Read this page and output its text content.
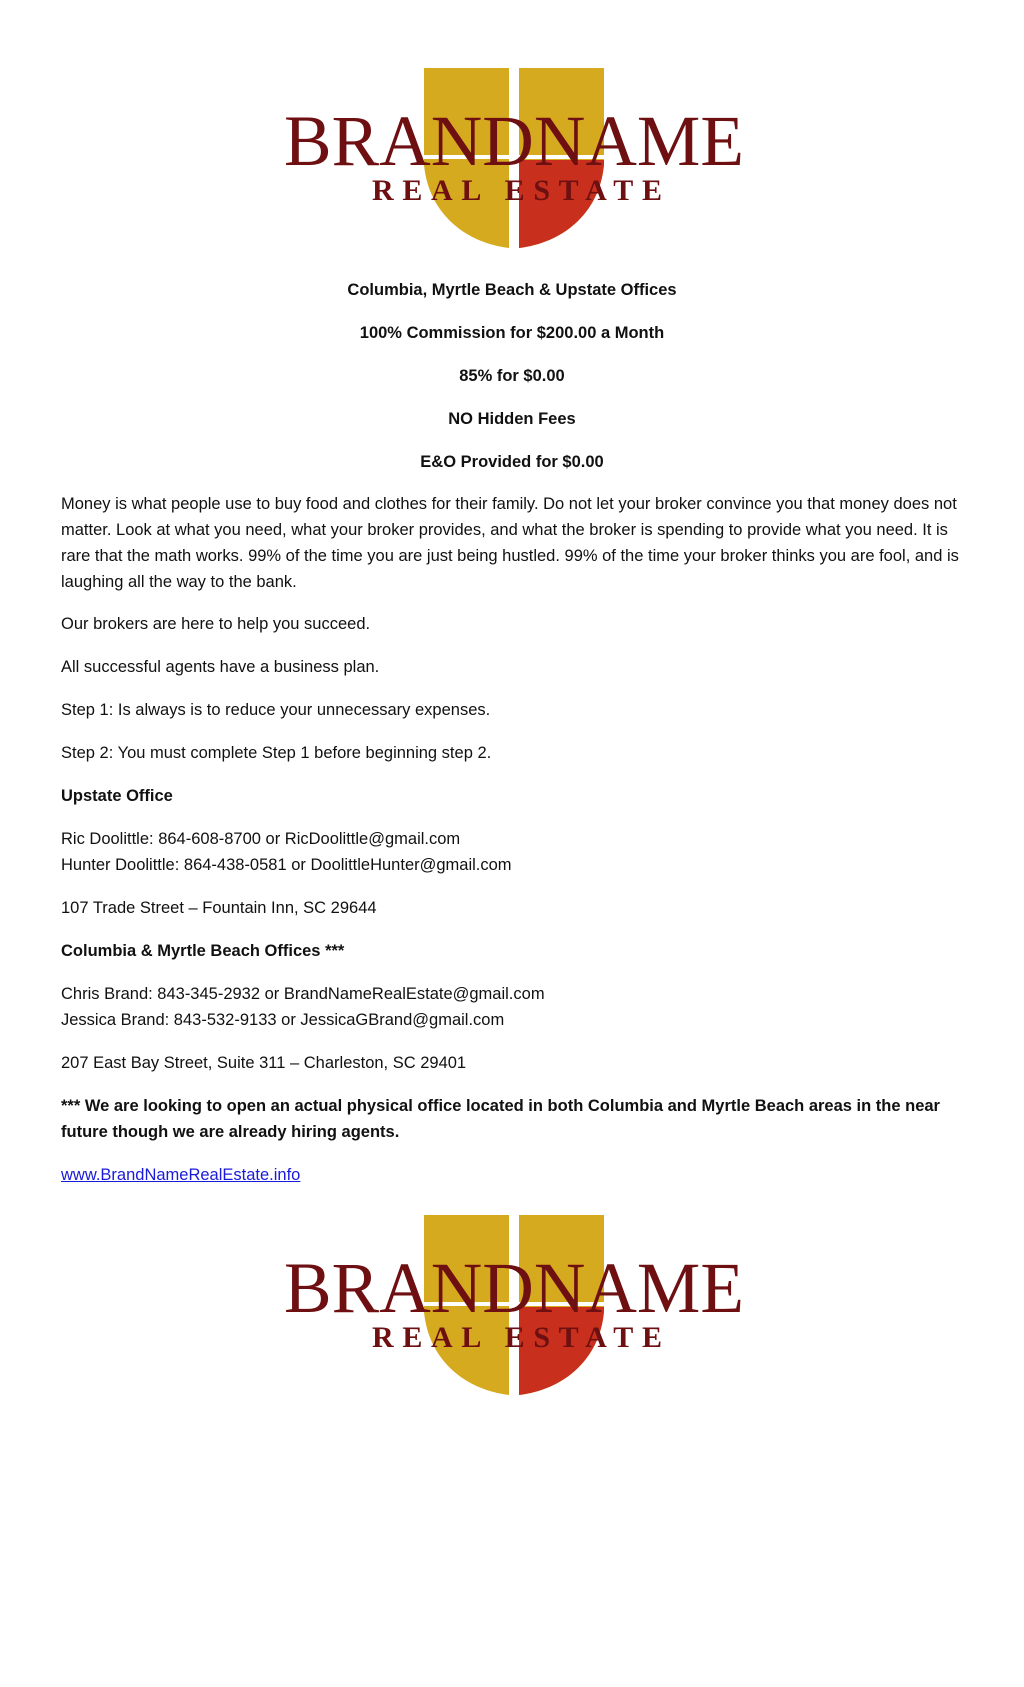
BRANDNAME
REAL ESTATE
Columbia, Myrtle Beach & Upstate Offices
100% Commission for $200.00 a Month
85% for $0.00
NO Hidden Fees
E&O Provided for $0.00
Money is what people use to buy food and clothes for their family. Do not let your broker convince you that money does not matter. Look at what you need, what your broker provides, and what the broker is spending to provide what you need. It is rare that the math works. 99% of the time you are just being hustled. 99% of the time your broker thinks you are fool, and is laughing all the way to the bank.
Our brokers are here to help you succeed.
All successful agents have a business plan.
Step 1: Is always is to reduce your unnecessary expenses.
Step 2: You must complete Step 1 before beginning step 2.
Upstate Office
Ric Doolittle: 864-608-8700 or RicDoolittle@gmail.com
Hunter Doolittle: 864-438-0581 or DoolittleHunter@gmail.com
107 Trade Street – Fountain Inn, SC 29644
Columbia & Myrtle Beach Offices ***
Chris Brand: 843-345-2932 or BrandNameRealEstate@gmail.com
Jessica Brand: 843-532-9133 or JessicaGBrand@gmail.com
207 East Bay Street, Suite 311 – Charleston, SC 29401
*** We are looking to open an actual physical office located in both Columbia and Myrtle Beach areas in the near future though we are already hiring agents.
www.BrandNameRealEstate.info
BRANDNAME
REAL ESTATE
